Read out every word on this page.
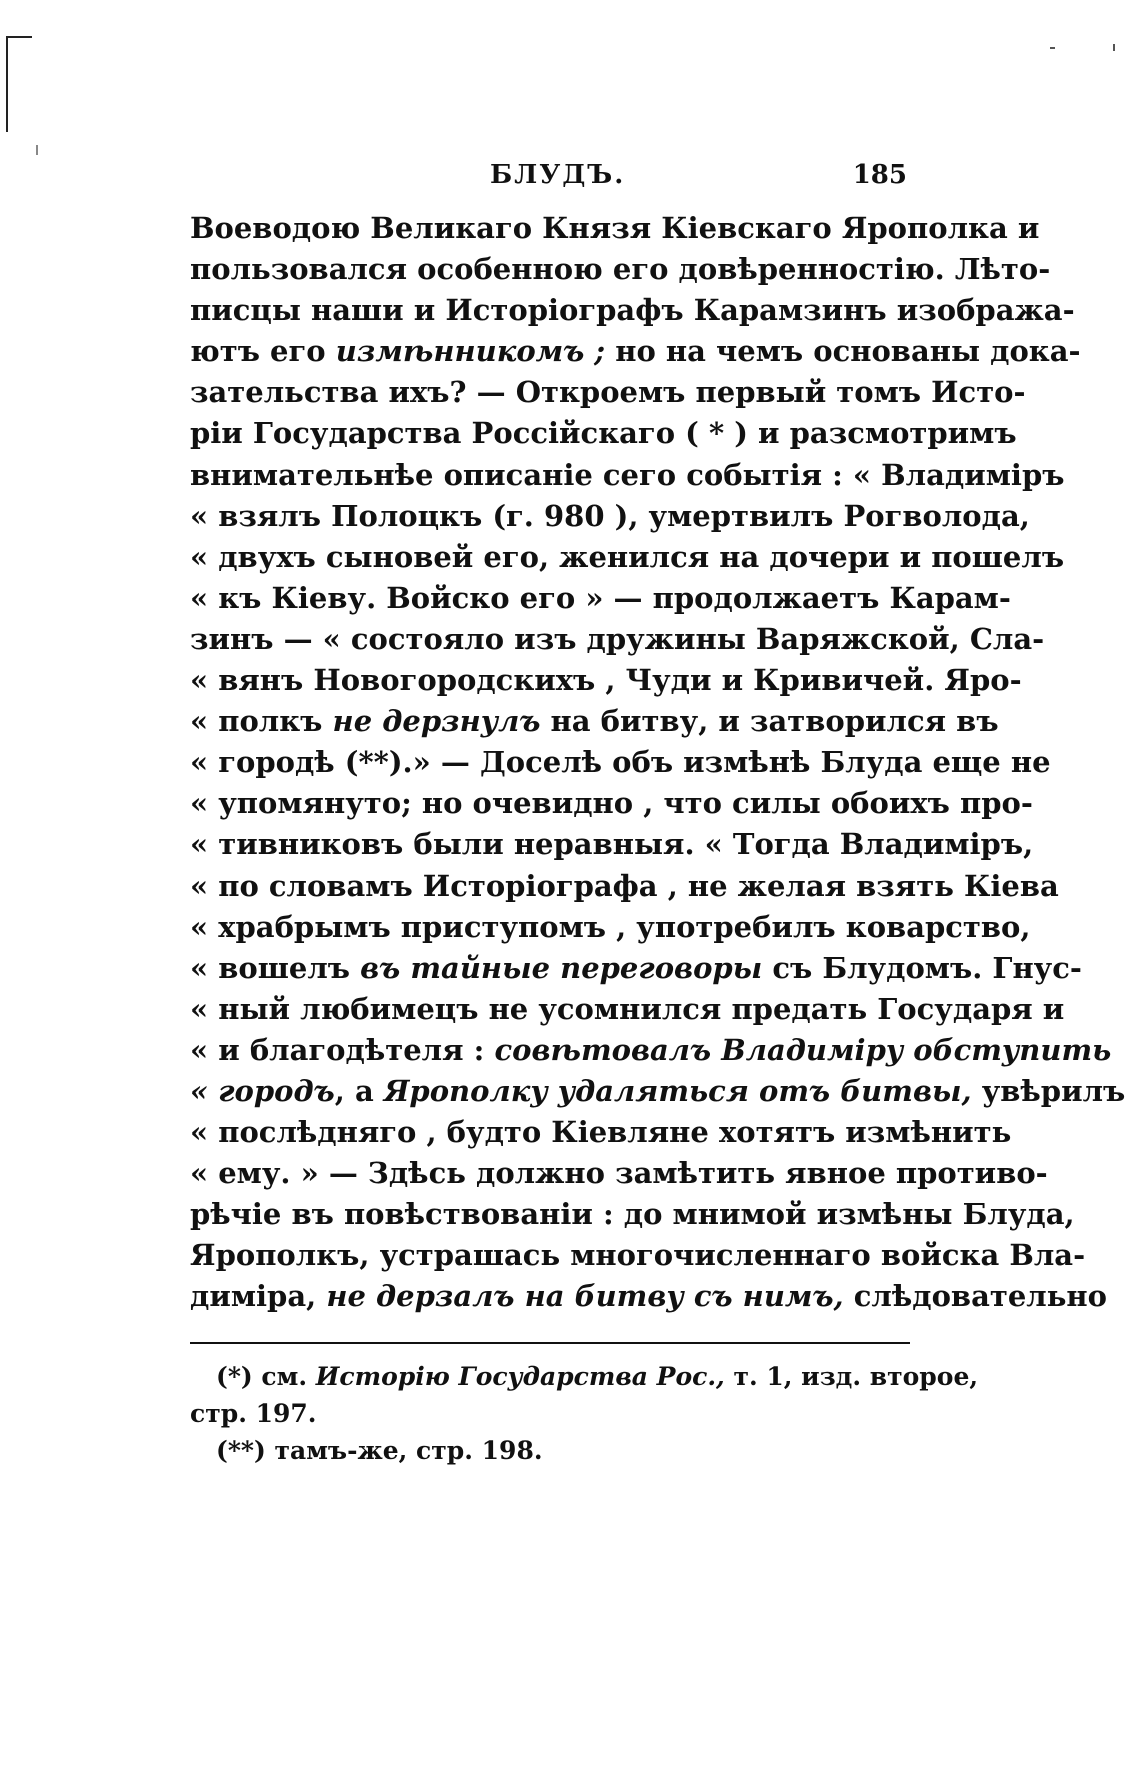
БЛУДЪ.	185
Воеводою Великаго Князя Кіевскаго Ярополка и
пользовался особенною его довѣренностію. Лѣто-
писцы наши и Исторіографъ Карамзинъ изобража-
ютъ его измѣнникомъ ; но на чемъ основаны дока-
зательства ихъ? — Откроемъ первый томъ Исто-
ріи Государства Россійскаго ( * ) и разсмотримъ
внимательнѣе описаніе сего событія : « Владиміръ
« взялъ Полоцкъ (г. 980 ), умертвилъ Рогволода,
« двухъ сыновей его, женился на дочери и пошелъ
« къ Кіеву. Войско его » — продолжаетъ Карам-
зинъ — « состояло изъ дружины Варяжской, Сла-
« вянъ Новогородскихъ , Чуди и Кривичей. Яро-
« полкъ не дерзнулъ на битву, и затворился въ
« городѣ (**).» — Доселѣ объ измѣнѣ Блуда еще не
« упомянуто; но очевидно , что силы обоихъ про-
« тивниковъ были неравныя. « Тогда Владиміръ,
« по словамъ Исторіографа , не желая взять Кіева
« храбрымъ приступомъ , употребилъ коварство,
« вошелъ въ тайные переговоры съ Блудомъ. Гнус-
« ный любимецъ не усомнился предать Государя и
« и благодѣтеля : совѣтовалъ Владиміру обступить
« городъ, а Ярополку удаляться отъ битвы, увѣрилъ
« послѣдняго , будто Кіевляне хотятъ измѣнить
« ему. » — Здѣсь должно замѣтить явное противо-
рѣчіе въ повѣствованіи : до мнимой измѣны Блуда,
Ярополкъ, устрашась многочисленнаго войска Вла-
диміра, не дерзалъ на битву съ нимъ, слѣдовательно
(*) см. Исторію Государства Рос., т. 1, изд. второе,
стр. 197.
(**) тамъ-же, стр. 198.
